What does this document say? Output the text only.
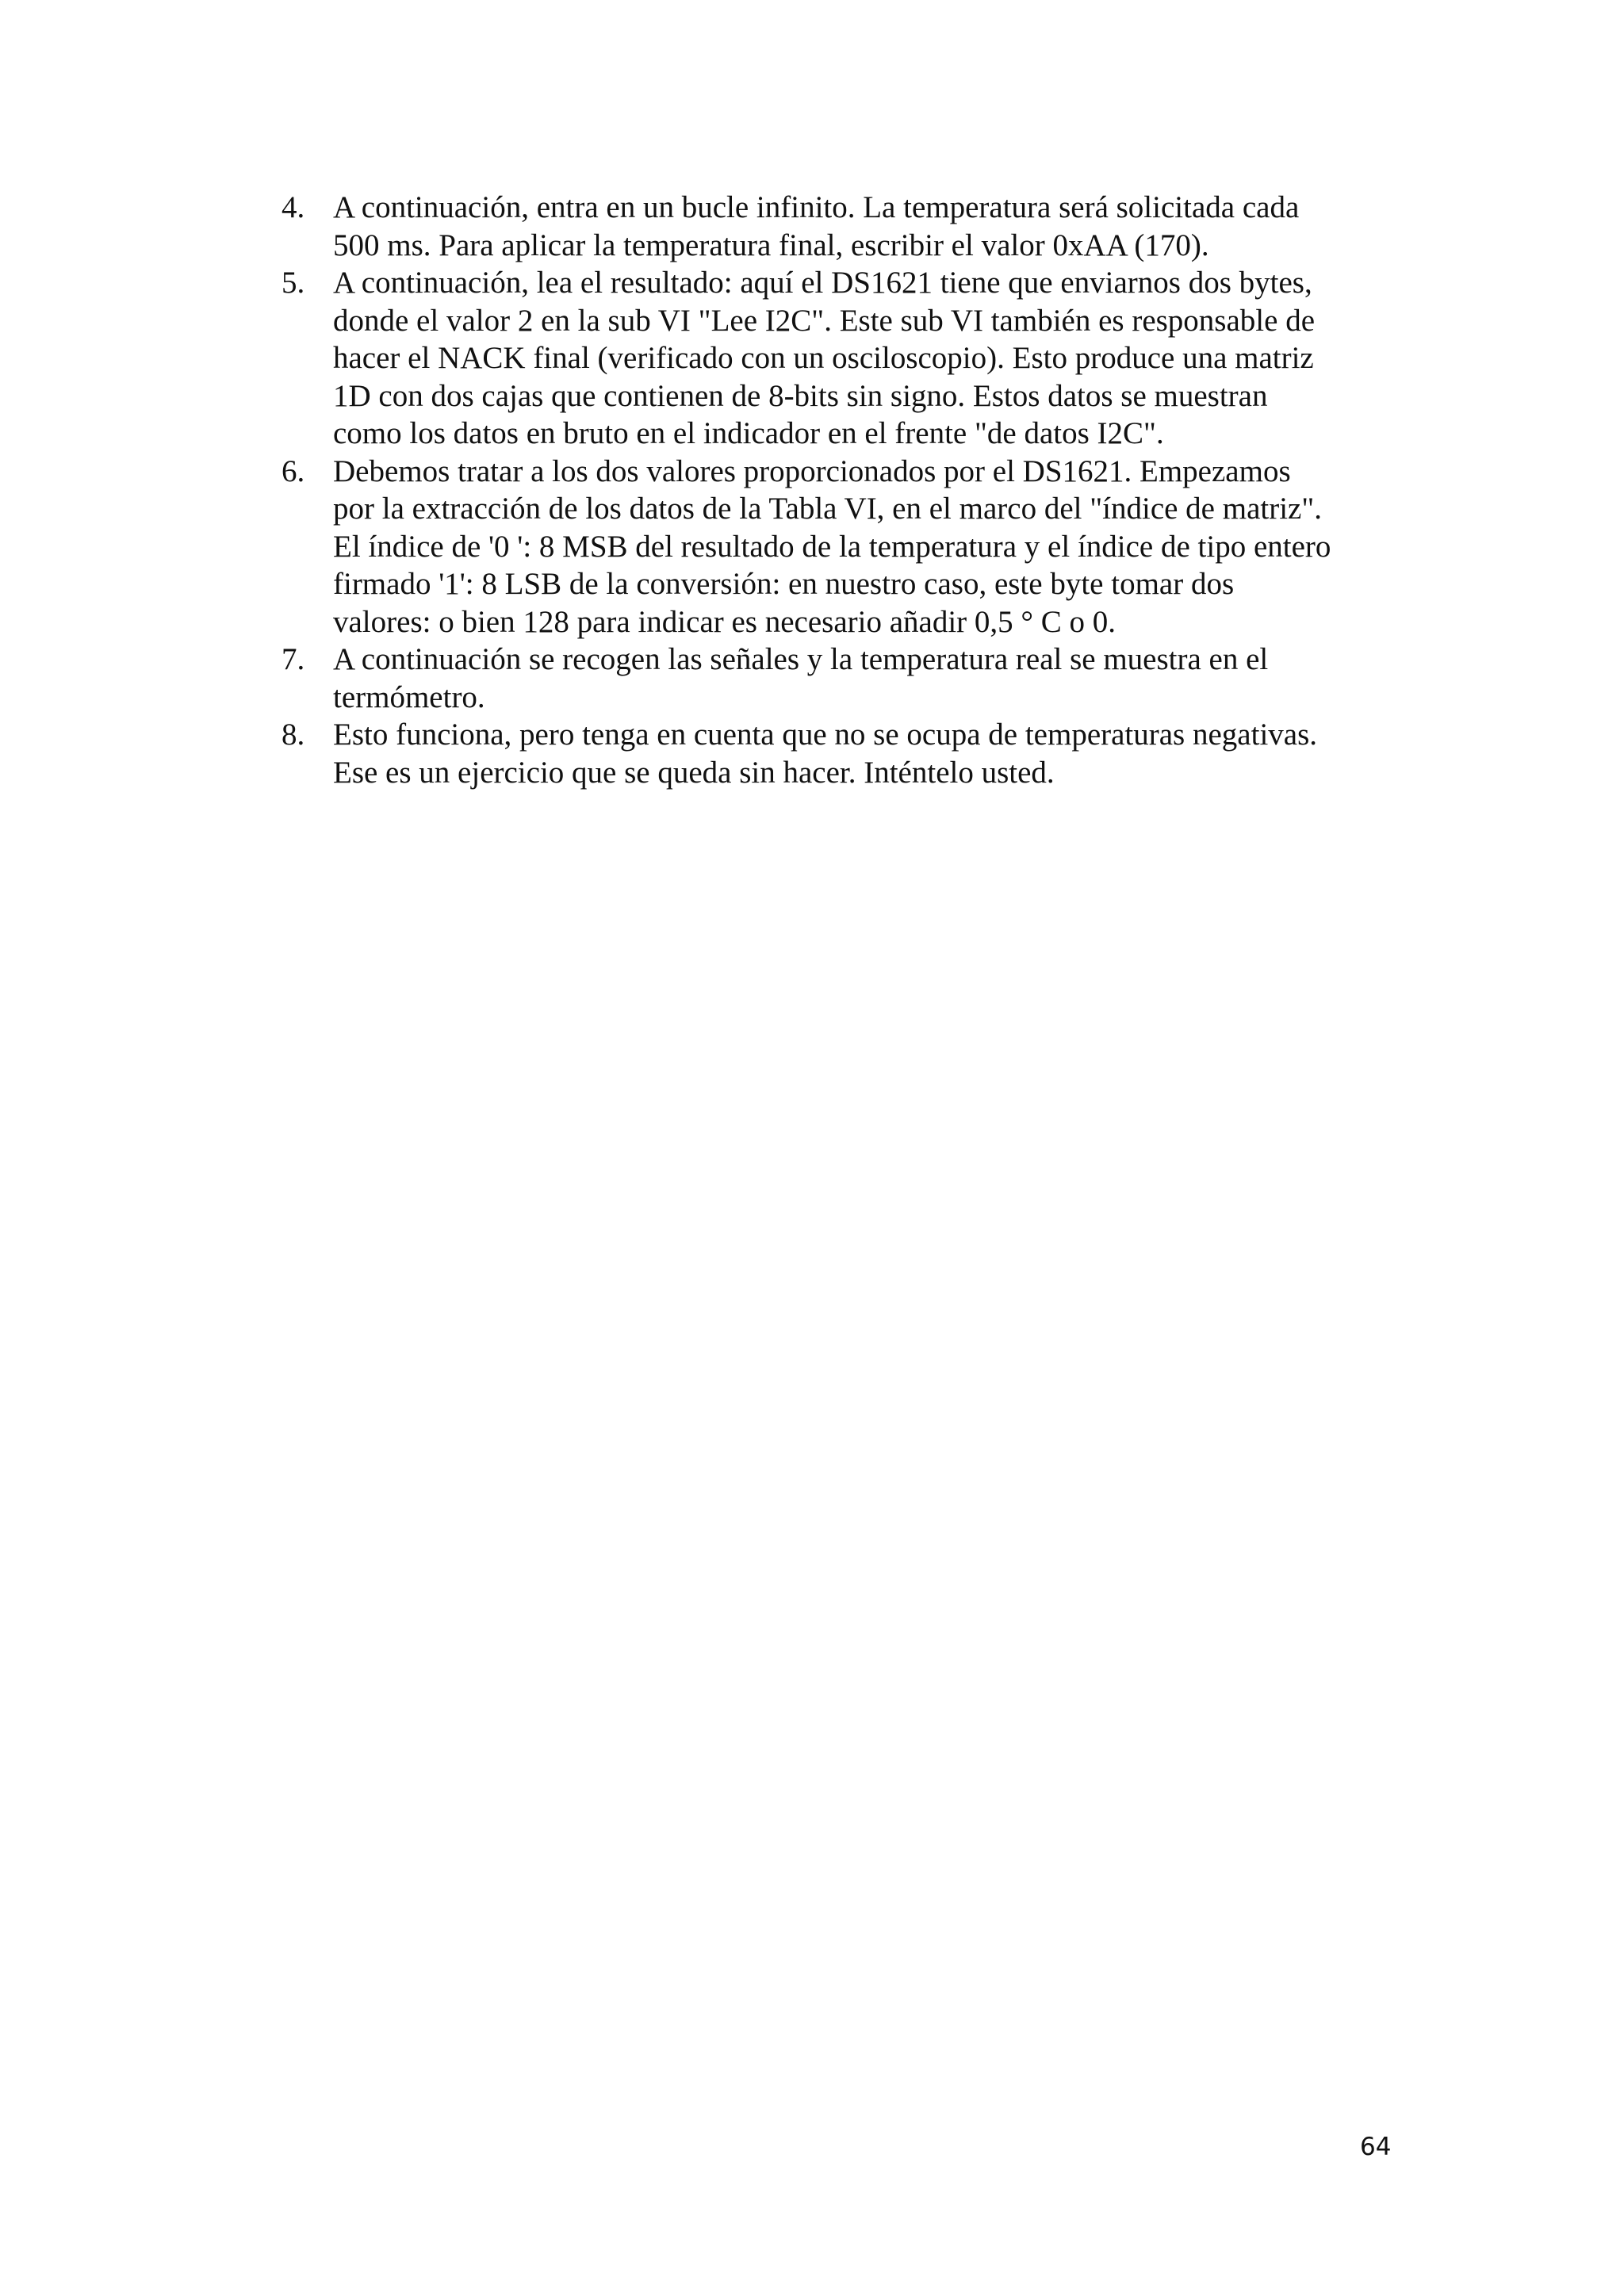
4. A continuación, entra en un bucle infinito. La temperatura será solicitada cada
500 ms. Para aplicar la temperatura final, escribir el valor 0xAA (170).
5. A continuación, lea el resultado: aquí el DS1621 tiene que enviarnos dos bytes,
donde el valor 2 en la sub VI "Lee I2C". Este sub VI también es responsable de
hacer el NACK final (verificado con un osciloscopio). Esto produce una matriz
1D con dos cajas que contienen de 8-bits sin signo. Estos datos se muestran
como los datos en bruto en el indicador en el frente "de datos I2C".
6. Debemos tratar a los dos valores proporcionados por el DS1621. Empezamos
por la extracción de los datos de la Tabla VI, en el marco del "índice de matriz".
El índice de '0 ': 8 MSB del resultado de la temperatura y el índice de tipo entero
firmado '1': 8 LSB de la conversión: en nuestro caso, este byte tomar dos
valores: o bien 128 para indicar es necesario añadir 0,5 ° C o 0.
7. A continuación se recogen las señales y la temperatura real se muestra en el
termómetro.
8. Esto funciona, pero tenga en cuenta que no se ocupa de temperaturas negativas.
Ese es un ejercicio que se queda sin hacer. Inténtelo usted.
64
